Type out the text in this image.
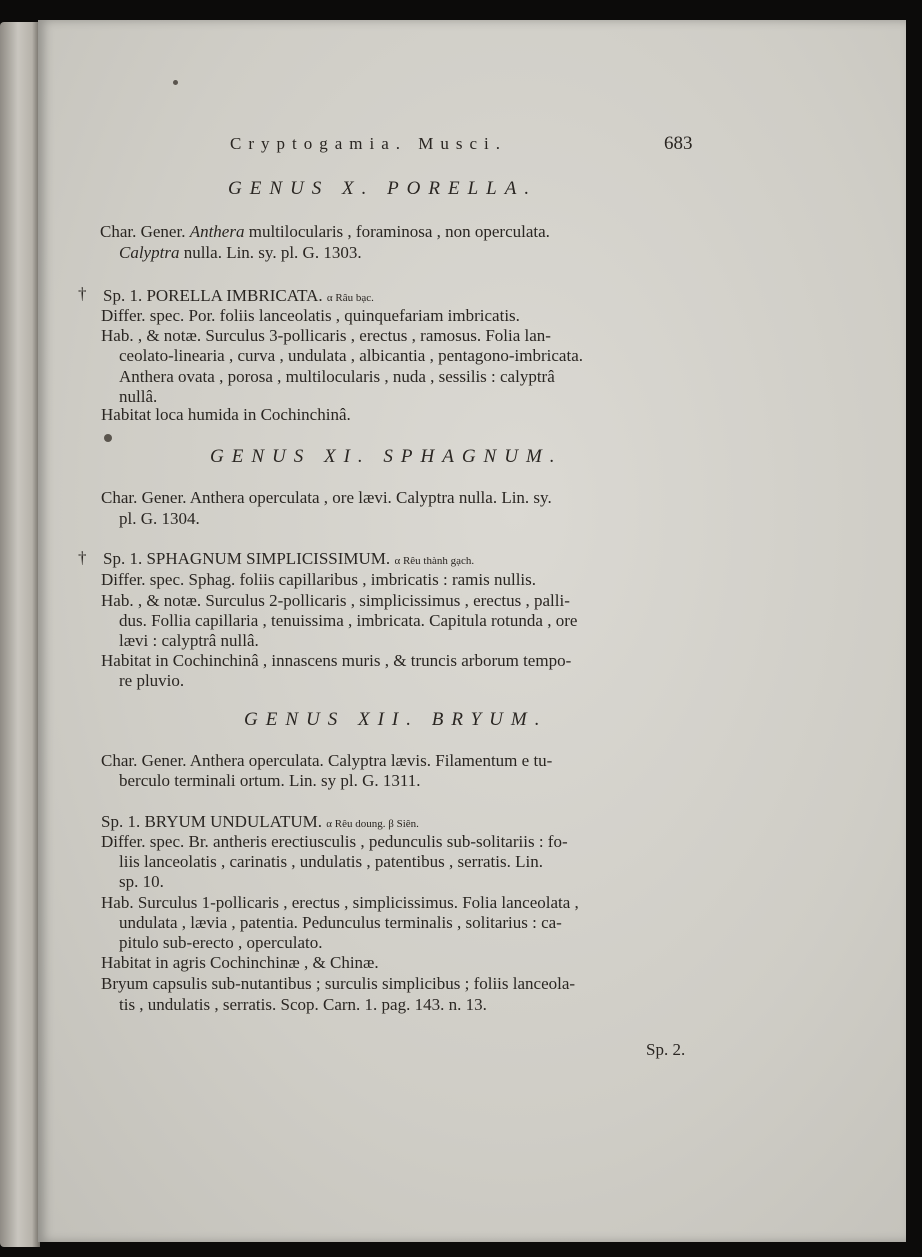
Cryptogamia. Musci.	683
GENUS X. PORELLA.
Char. Gener. Anthera multilocularis , foraminosa , non operculata.
Calyptra nulla. Lin. sy. pl. G. 1303.
† Sp. 1. PORELLA IMBRICATA. α Râu bạc.
Differ. spec. Por. foliis lanceolatis , quinquefariam imbricatis.
Hab. , & notæ. Surculus 3-pollicaris , erectus , ramosus. Folia lan-
ceolato-linearia , curva , undulata , albicantia , pentagono-imbricata.
Anthera ovata , porosa , multilocularis , nuda , sessilis : calyptrâ
nullâ.
Habitat loca humida in Cochinchinâ.
GENUS XI. SPHAGNUM.
Char. Gener. Anthera operculata , ore lævi. Calyptra nulla. Lin. sy.
pl. G. 1304.
† Sp. 1. SPHAGNUM SIMPLICISSIMUM. α Rêu thành gạch.
Differ. spec. Sphag. foliis capillaribus , imbricatis : ramis nullis.
Hab. , & notæ. Surculus 2-pollicaris , simplicissimus , erectus , palli-
dus. Follia capillaria , tenuissima , imbricata. Capitula rotunda , ore
lævi : calyptrâ nullâ.
Habitat in Cochinchinâ , innascens muris , & truncis arborum tempo-
re pluvio.
GENUS XII. BRYUM.
Char. Gener. Anthera operculata. Calyptra lævis. Filamentum e tu-
berculo terminali ortum. Lin. sy pl. G. 1311.
Sp. 1. BRYUM UNDULATUM. α Rêu doung. β Siên.
Differ. spec. Br. antheris erectiusculis , pedunculis sub-solitariis : fo-
liis lanceolatis , carinatis , undulatis , patentibus , serratis. Lin.
sp. 10.
Hab. Surculus 1-pollicaris , erectus , simplicissimus. Folia lanceolata ,
undulata , lævia , patentia. Pedunculus terminalis , solitarius : ca-
pitulo sub-erecto , operculato.
Habitat in agris Cochinchinæ , & Chinæ.
Bryum capsulis sub-nutantibus ; surculis simplicibus ; foliis lanceola-
tis , undulatis , serratis. Scop. Carn. 1. pag. 143. n. 13.
Sp. 2.
